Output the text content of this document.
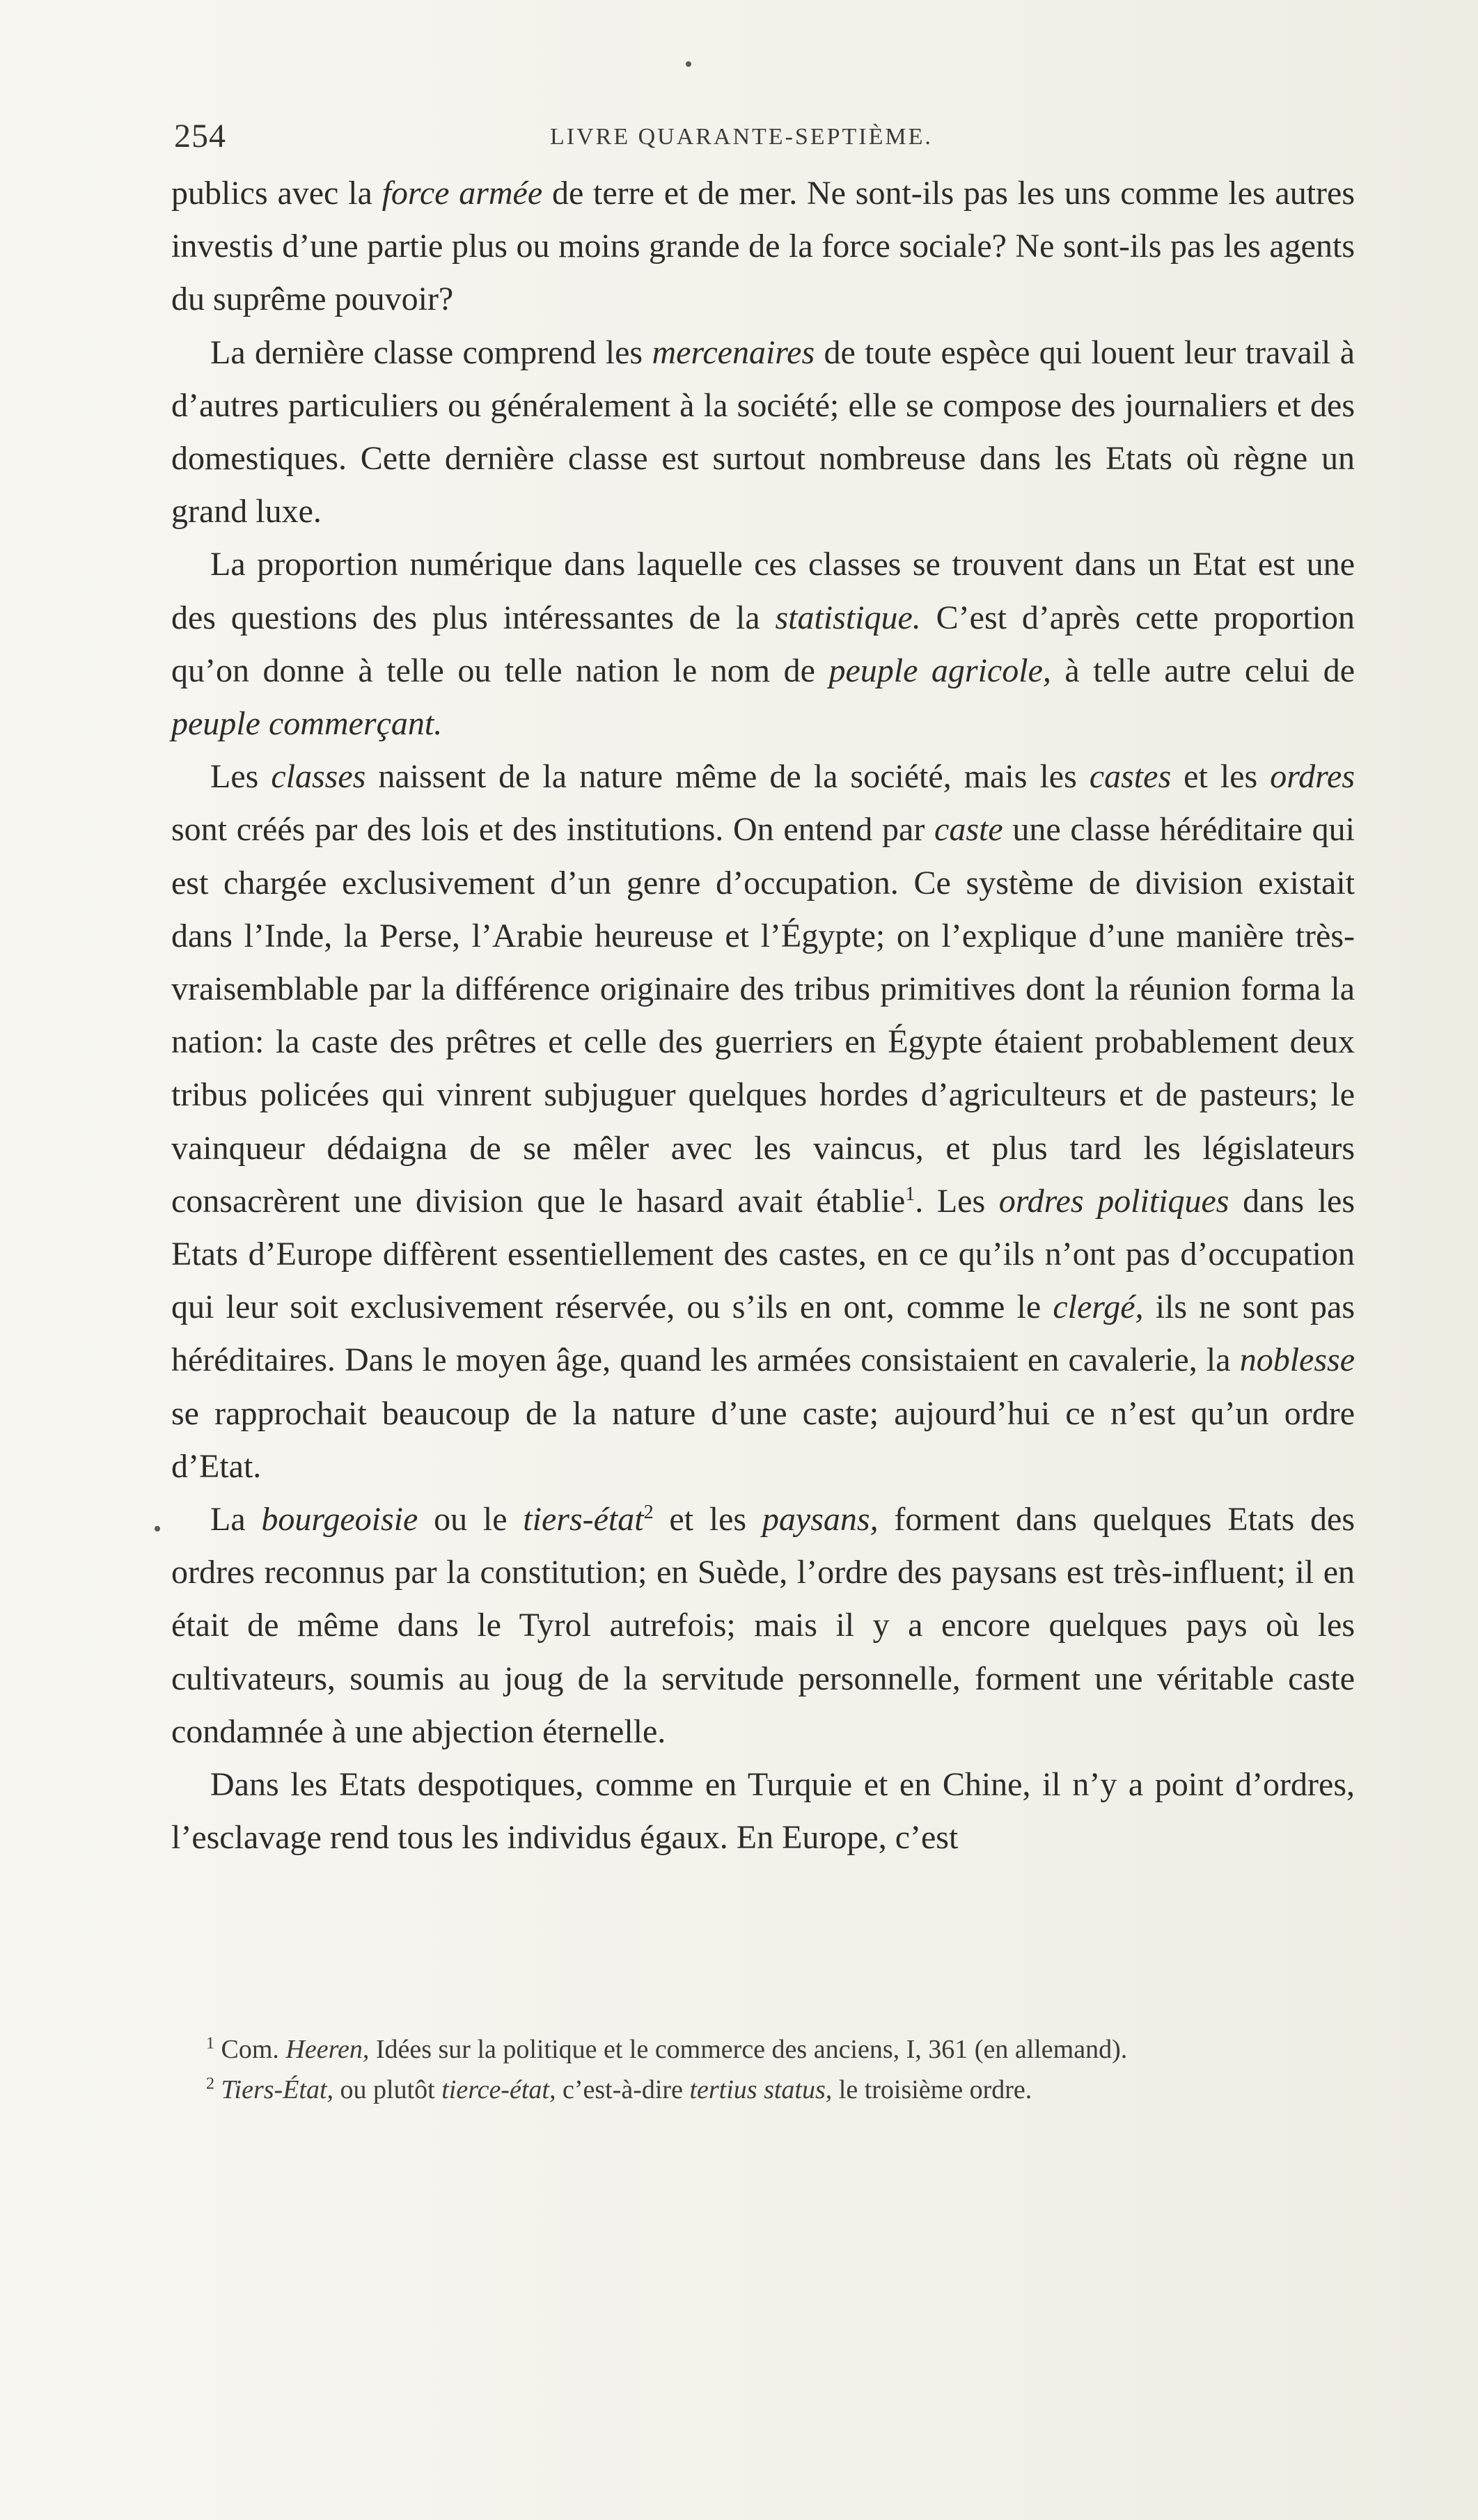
254	LIVRE QUARANTE-SEPTIÈME.

publics avec la force armée de terre et de mer. Ne sont-ils pas les uns comme les autres investis d’une partie plus ou moins grande de la force sociale? Ne sont-ils pas les agents du suprême pouvoir?

La dernière classe comprend les mercenaires de toute espèce qui louent leur travail à d’autres particuliers ou généralement à la société; elle se compose des journaliers et des domestiques. Cette dernière classe est surtout nombreuse dans les Etats où règne un grand luxe.

La proportion numérique dans laquelle ces classes se trouvent dans un Etat est une des questions des plus intéressantes de la statistique. C’est d’après cette proportion qu’on donne à telle ou telle nation le nom de peuple agricole, à telle autre celui de peuple commerçant.

Les classes naissent de la nature même de la société, mais les castes et les ordres sont créés par des lois et des institutions. On entend par caste une classe héréditaire qui est chargée exclusivement d’un genre d’occupation. Ce système de division existait dans l’Inde, la Perse, l’Arabie heureuse et l’Égypte; on l’explique d’une manière très-vraisemblable par la différence originaire des tribus primitives dont la réunion forma la nation: la caste des prêtres et celle des guerriers en Égypte étaient probablement deux tribus policées qui vinrent subjuguer quelques hordes d’agriculteurs et de pasteurs; le vainqueur dédaigna de se mêler avec les vaincus, et plus tard les législateurs consacrèrent une division que le hasard avait établie$^1$. Les ordres politiques dans les Etats d’Europe diffèrent essentiellement des castes, en ce qu’ils n’ont pas d’occupation qui leur soit exclusivement réservée, ou s’ils en ont, comme le clergé, ils ne sont pas héréditaires. Dans le moyen âge, quand les armées consistaient en cavalerie, la noblesse se rapprochait beaucoup de la nature d’une caste; aujourd’hui ce n’est qu’un ordre d’Etat.

La bourgeoisie ou le tiers-état$^2$ et les paysans, forment dans quelques Etats des ordres reconnus par la constitution; en Suède, l’ordre des paysans est très-influent; il en était de même dans le Tyrol autrefois; mais il y a encore quelques pays où les cultivateurs, soumis au joug de la servitude personnelle, forment une véritable caste condamnée à une abjection éternelle.

Dans les Etats despotiques, comme en Turquie et en Chine, il n’y a point d’ordres, l’esclavage rend tous les individus égaux. En Europe, c’est

$^1$ Com. Heeren, Idées sur la politique et le commerce des anciens, I, 361 (en allemand).

$^2$ Tiers-État, ou plutôt tierce-état, c’est-à-dire tertius status, le troisième ordre.
